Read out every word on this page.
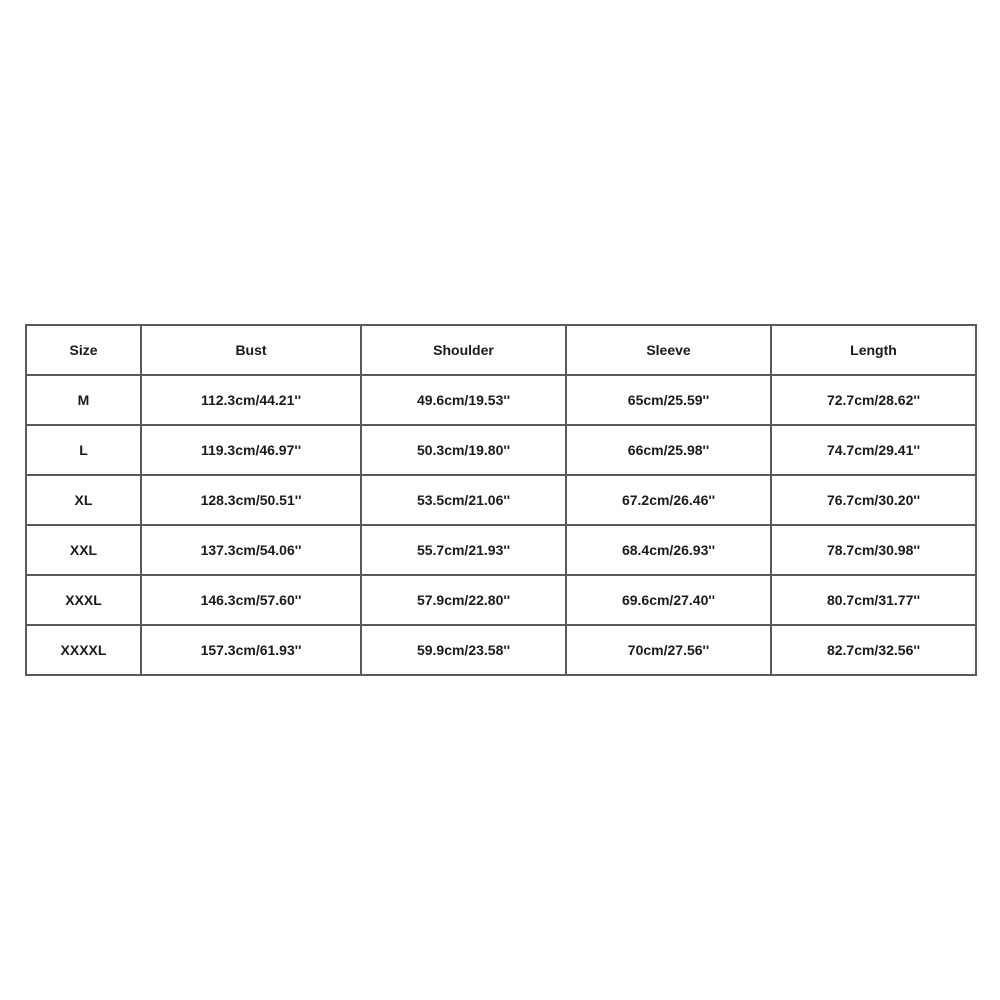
Size	Bust	Shoulder	Sleeve	Length
M	112.3cm/44.21''	49.6cm/19.53''	65cm/25.59''	72.7cm/28.62''
L	119.3cm/46.97''	50.3cm/19.80''	66cm/25.98''	74.7cm/29.41''
XL	128.3cm/50.51''	53.5cm/21.06''	67.2cm/26.46''	76.7cm/30.20''
XXL	137.3cm/54.06''	55.7cm/21.93''	68.4cm/26.93''	78.7cm/30.98''
XXXL	146.3cm/57.60''	57.9cm/22.80''	69.6cm/27.40''	80.7cm/31.77''
XXXXL	157.3cm/61.93''	59.9cm/23.58''	70cm/27.56''	82.7cm/32.56''
